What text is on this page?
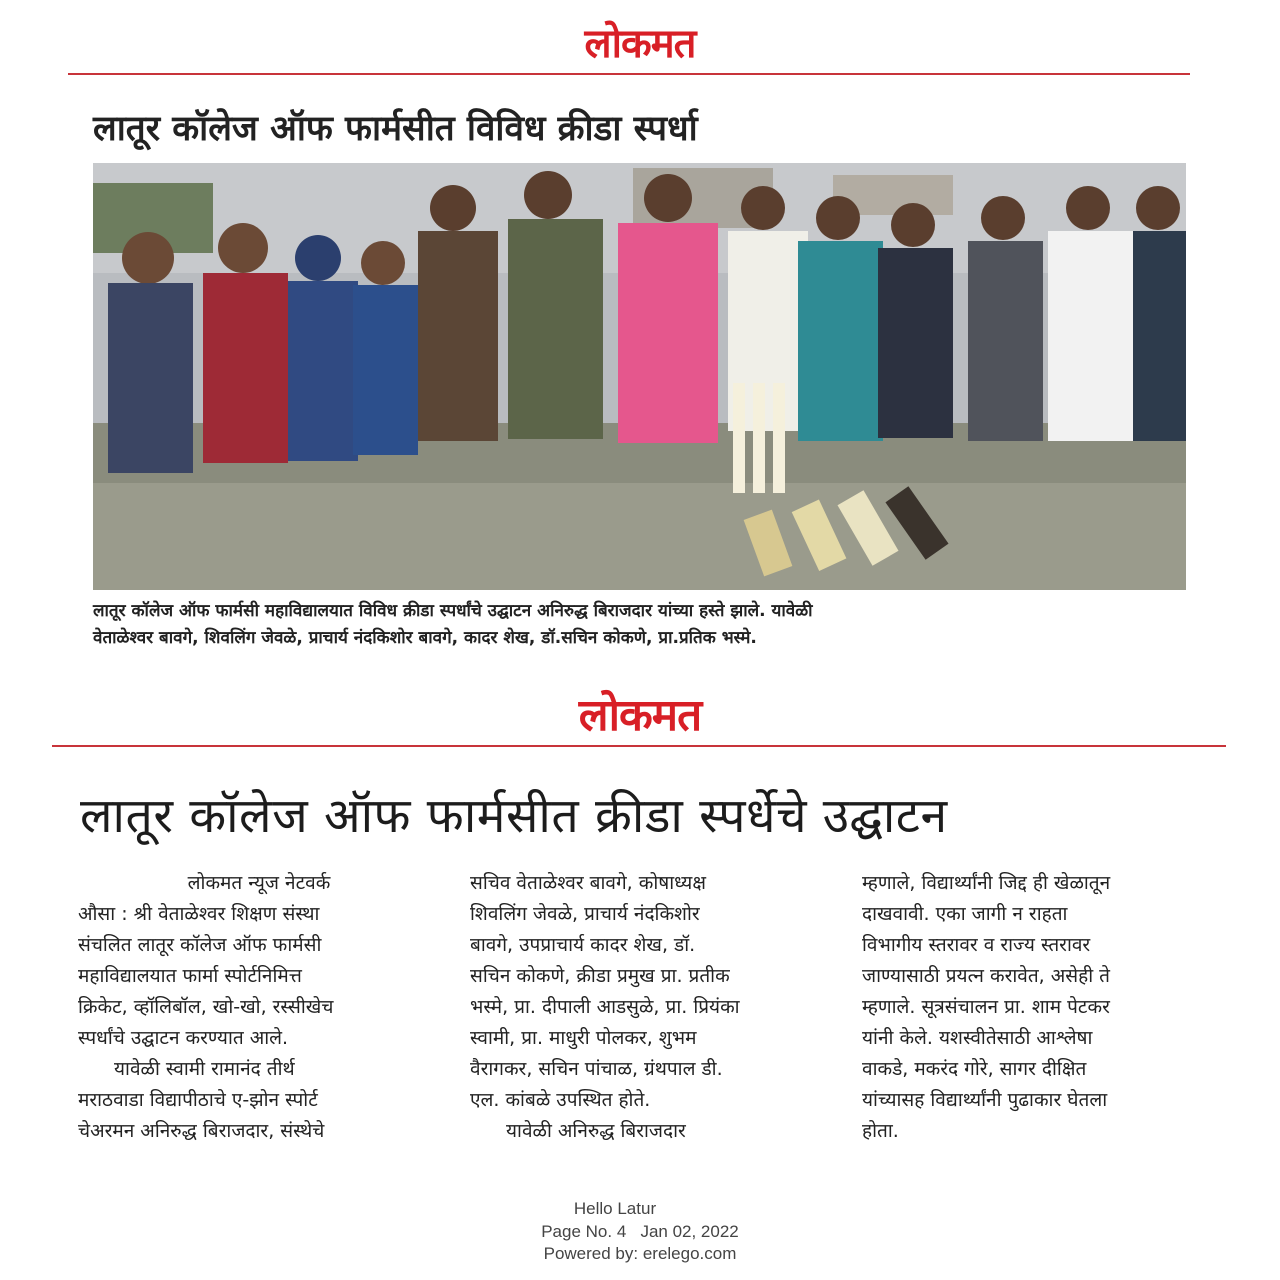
लोकमत
लातूर कॉलेज ऑफ फार्मसीत विविध क्रीडा स्पर्धा
लातूर कॉलेज ऑफ फार्मसी महाविद्यालयात विविध क्रीडा स्पर्धांचे उद्घाटन अनिरुद्ध बिराजदार यांच्या हस्ते झाले. यावेळी
वेताळेश्वर बावगे, शिवलिंग जेवळे, प्राचार्य नंदकिशोर बावगे, कादर शेख, डॉ.सचिन कोकणे, प्रा.प्रतिक भस्मे.
लोकमत
लातूर कॉलेज ऑफ फार्मसीत क्रीडा स्पर्धेचे उद्घाटन
लोकमत न्यूज नेटवर्क
औसा : श्री वेताळेश्वर शिक्षण संस्था
संचलित लातूर कॉलेज ऑफ फार्मसी
महाविद्यालयात फार्मा स्पोर्टनिमित्त
क्रिकेट, व्हॉलिबॉल, खो-खो, रस्सीखेच
स्पर्धांचे उद्घाटन करण्यात आले.
यावेळी स्वामी रामानंद तीर्थ
मराठवाडा विद्यापीठाचे ए-झोन स्पोर्ट
चेअरमन अनिरुद्ध बिराजदार, संस्थेचे
सचिव वेताळेश्वर बावगे, कोषाध्यक्ष
शिवलिंग जेवळे, प्राचार्य नंदकिशोर
बावगे, उपप्राचार्य कादर शेख, डॉ.
सचिन कोकणे, क्रीडा प्रमुख प्रा. प्रतीक
भस्मे, प्रा. दीपाली आडसुळे, प्रा. प्रियंका
स्वामी, प्रा. माधुरी पोलकर, शुभम
वैरागकर, सचिन पांचाळ, ग्रंथपाल डी.
एल. कांबळे उपस्थित होते.
यावेळी अनिरुद्ध बिराजदार
म्हणाले, विद्यार्थ्यांनी जिद्द ही खेळातून
दाखवावी. एका जागी न राहता
विभागीय स्तरावर व राज्य स्तरावर
जाण्यासाठी प्रयत्न करावेत, असेही ते
म्हणाले. सूत्रसंचालन प्रा. शाम पेटकर
यांनी केले. यशस्वीतेसाठी आश्लेषा
वाकडे, मकरंद गोरे, सागर दीक्षित
यांच्यासह विद्यार्थ्यांनी पुढाकार घेतला
होता.
Hello Latur
Page No. 4   Jan 02, 2022
Powered by: erelego.com
